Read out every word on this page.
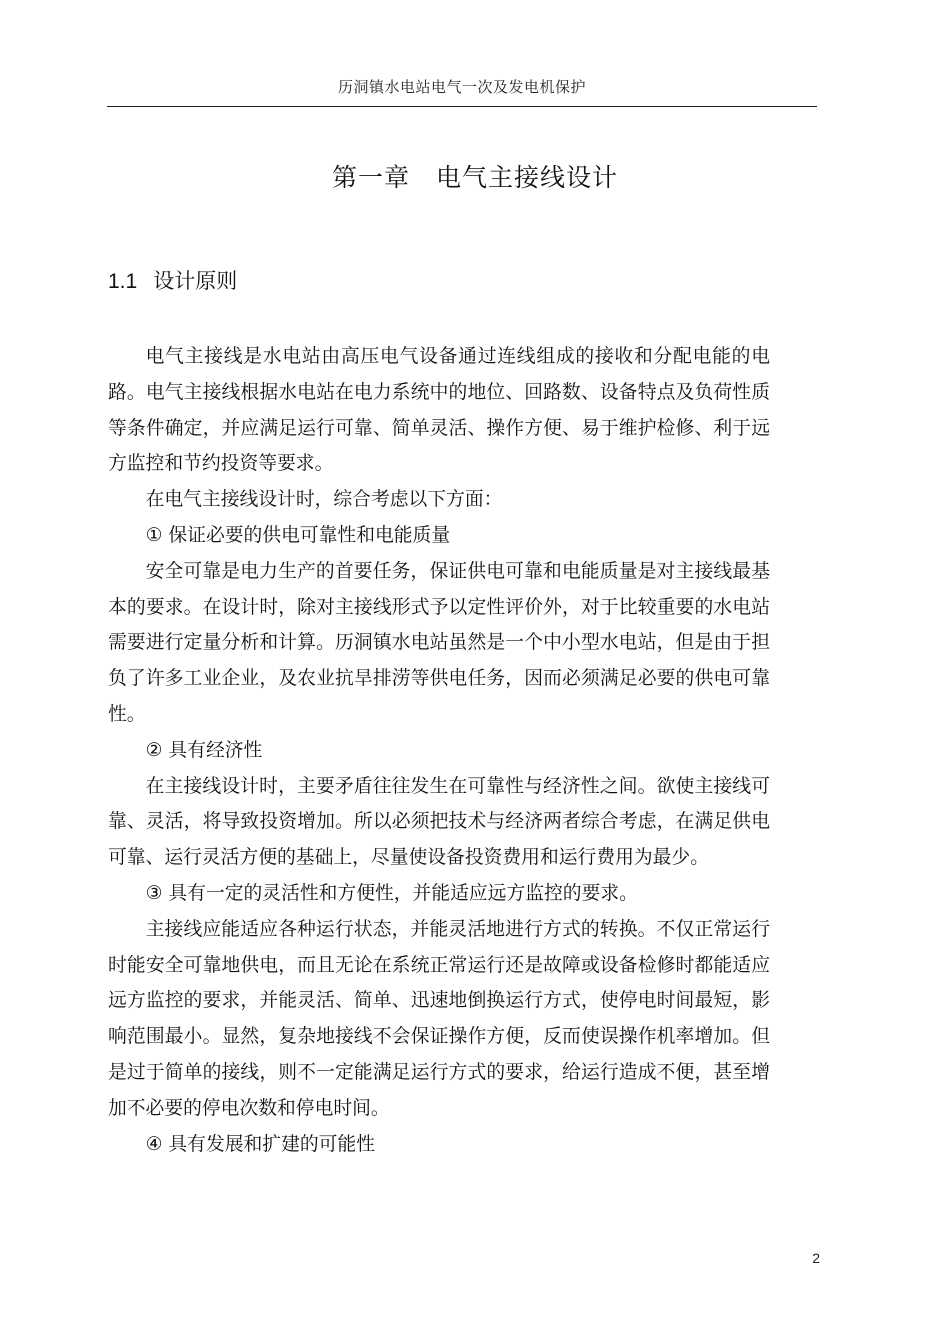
历洞镇水电站电气一次及发电机保护
第一章 电气主接线设计
1.1 设计原则

电气主接线是水电站由高压电气设备通过连线组成的接收和分配电能的电路。电气主接线根据水电站在电力系统中的地位、回路数、设备特点及负荷性质等条件确定，并应满足运行可靠、简单灵活、操作方便、易于维护检修、利于远方监控和节约投资等要求。

在电气主接线设计时，综合考虑以下方面：

① 保证必要的供电可靠性和电能质量

安全可靠是电力生产的首要任务，保证供电可靠和电能质量是对主接线最基本的要求。在设计时，除对主接线形式予以定性评价外，对于比较重要的水电站需要进行定量分析和计算。历洞镇水电站虽然是一个中小型水电站，但是由于担负了许多工业企业，及农业抗旱排涝等供电任务，因而必须满足必要的供电可靠性。

② 具有经济性

在主接线设计时，主要矛盾往往发生在可靠性与经济性之间。欲使主接线可靠、灵活，将导致投资增加。所以必须把技术与经济两者综合考虑，在满足供电可靠、运行灵活方便的基础上，尽量使设备投资费用和运行费用为最少。

③ 具有一定的灵活性和方便性，并能适应远方监控的要求。

主接线应能适应各种运行状态，并能灵活地进行方式的转换。不仅正常运行时能安全可靠地供电，而且无论在系统正常运行还是故障或设备检修时都能适应远方监控的要求，并能灵活、简单、迅速地倒换运行方式，使停电时间最短，影响范围最小。显然，复杂地接线不会保证操作方便，反而使误操作机率增加。但是过于简单的接线，则不一定能满足运行方式的要求，给运行造成不便，甚至增加不必要的停电次数和停电时间。

④ 具有发展和扩建的可能性

2
